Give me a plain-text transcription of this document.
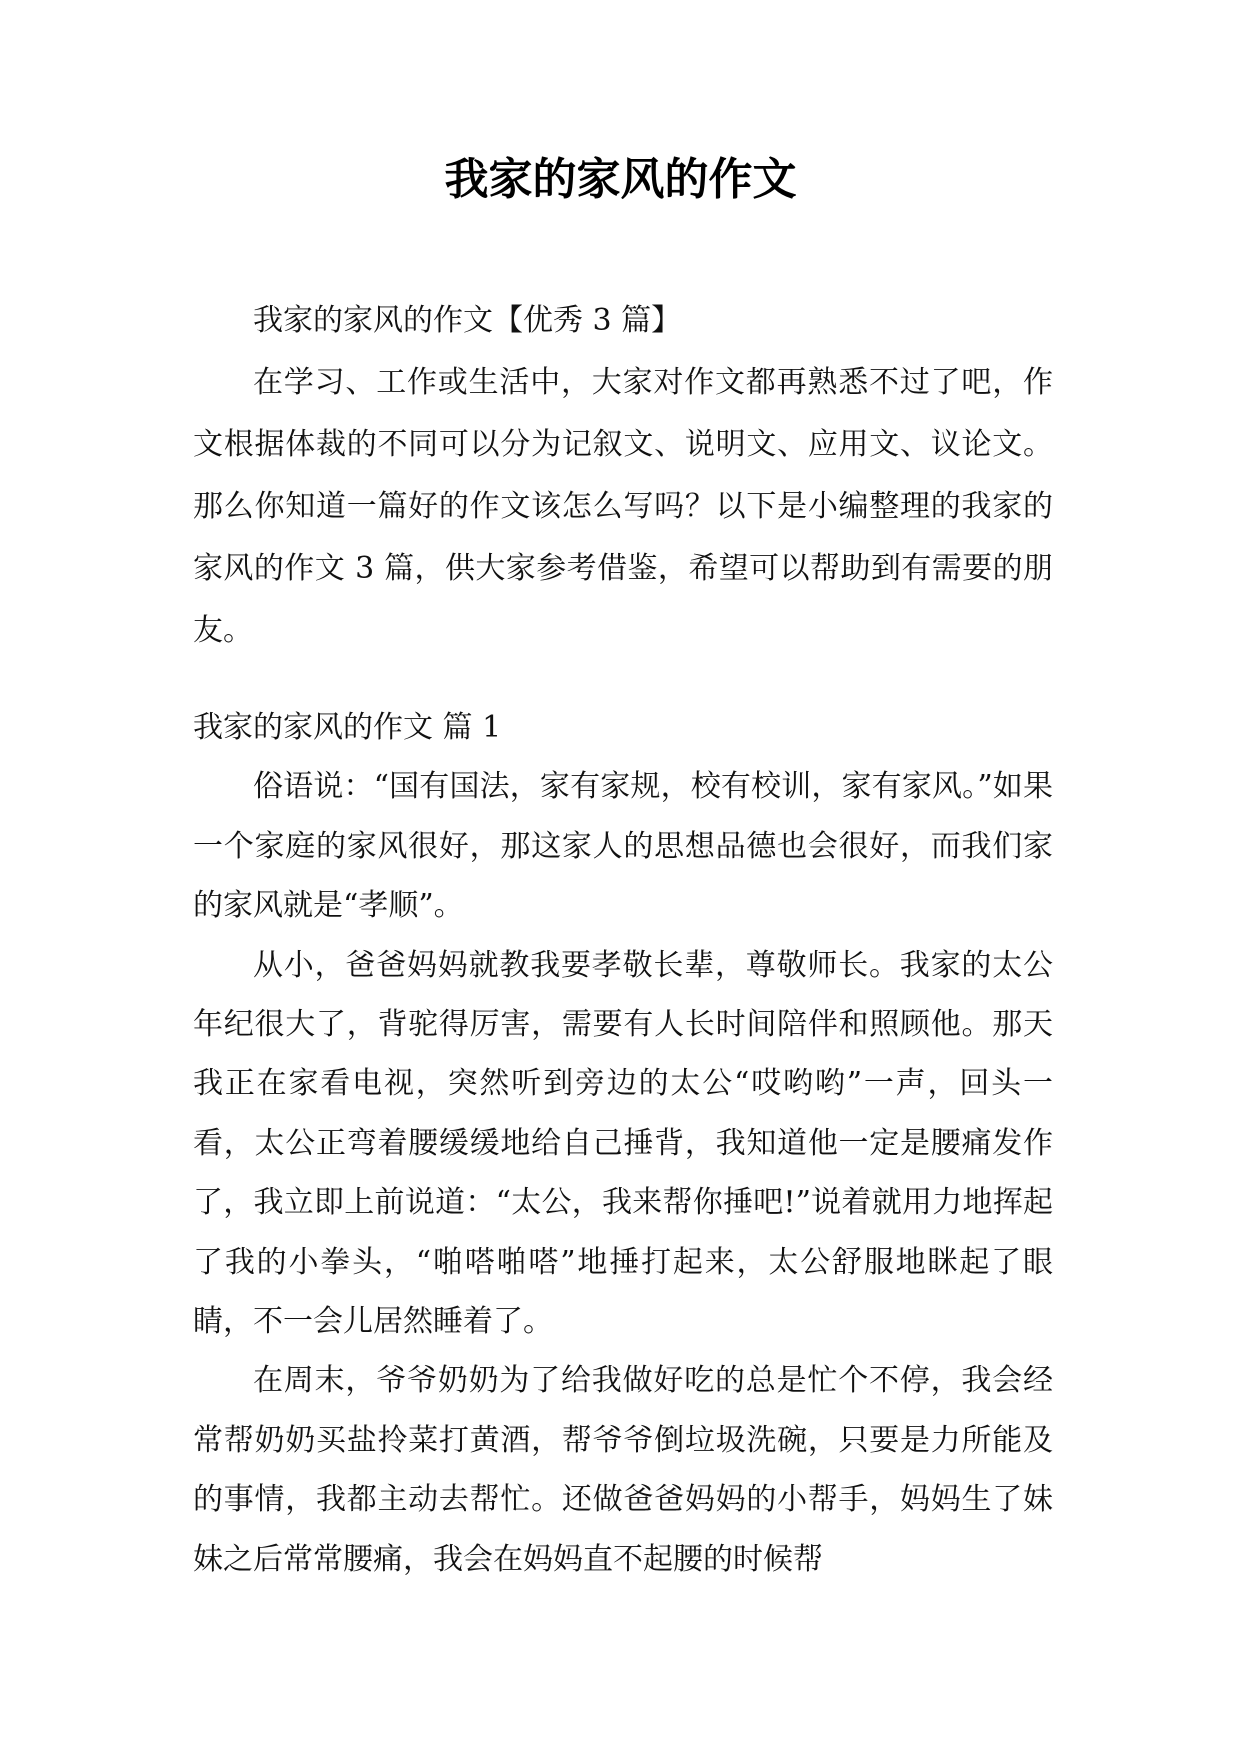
我家的家风的作文

我家的家风的作文【优秀 3 篇】

在学习、工作或生活中，大家对作文都再熟悉不过了吧，作文根据体裁的不同可以分为记叙文、说明文、应用文、议论文。那么你知道一篇好的作文该怎么写吗？以下是小编整理的我家的家风的作文 3 篇，供大家参考借鉴，希望可以帮助到有需要的朋友。

我家的家风的作文 篇 1

俗语说：“国有国法，家有家规，校有校训，家有家风。”如果一个家庭的家风很好，那这家人的思想品德也会很好，而我们家的家风就是“孝顺”。

从小，爸爸妈妈就教我要孝敬长辈，尊敬师长。我家的太公年纪很大了，背驼得厉害，需要有人长时间陪伴和照顾他。那天我正在家看电视，突然听到旁边的太公“哎哟哟”一声，回头一看，太公正弯着腰缓缓地给自己捶背，我知道他一定是腰痛发作了，我立即上前说道：“太公，我来帮你捶吧!”说着就用力地挥起了我的小拳头，“啪嗒啪嗒”地捶打起来，太公舒服地眯起了眼睛，不一会儿居然睡着了。

在周末，爷爷奶奶为了给我做好吃的总是忙个不停，我会经常帮奶奶买盐拎菜打黄酒，帮爷爷倒垃圾洗碗，只要是力所能及的事情，我都主动去帮忙。还做爸爸妈妈的小帮手，妈妈生了妹妹之后常常腰痛，我会在妈妈直不起腰的时候帮
